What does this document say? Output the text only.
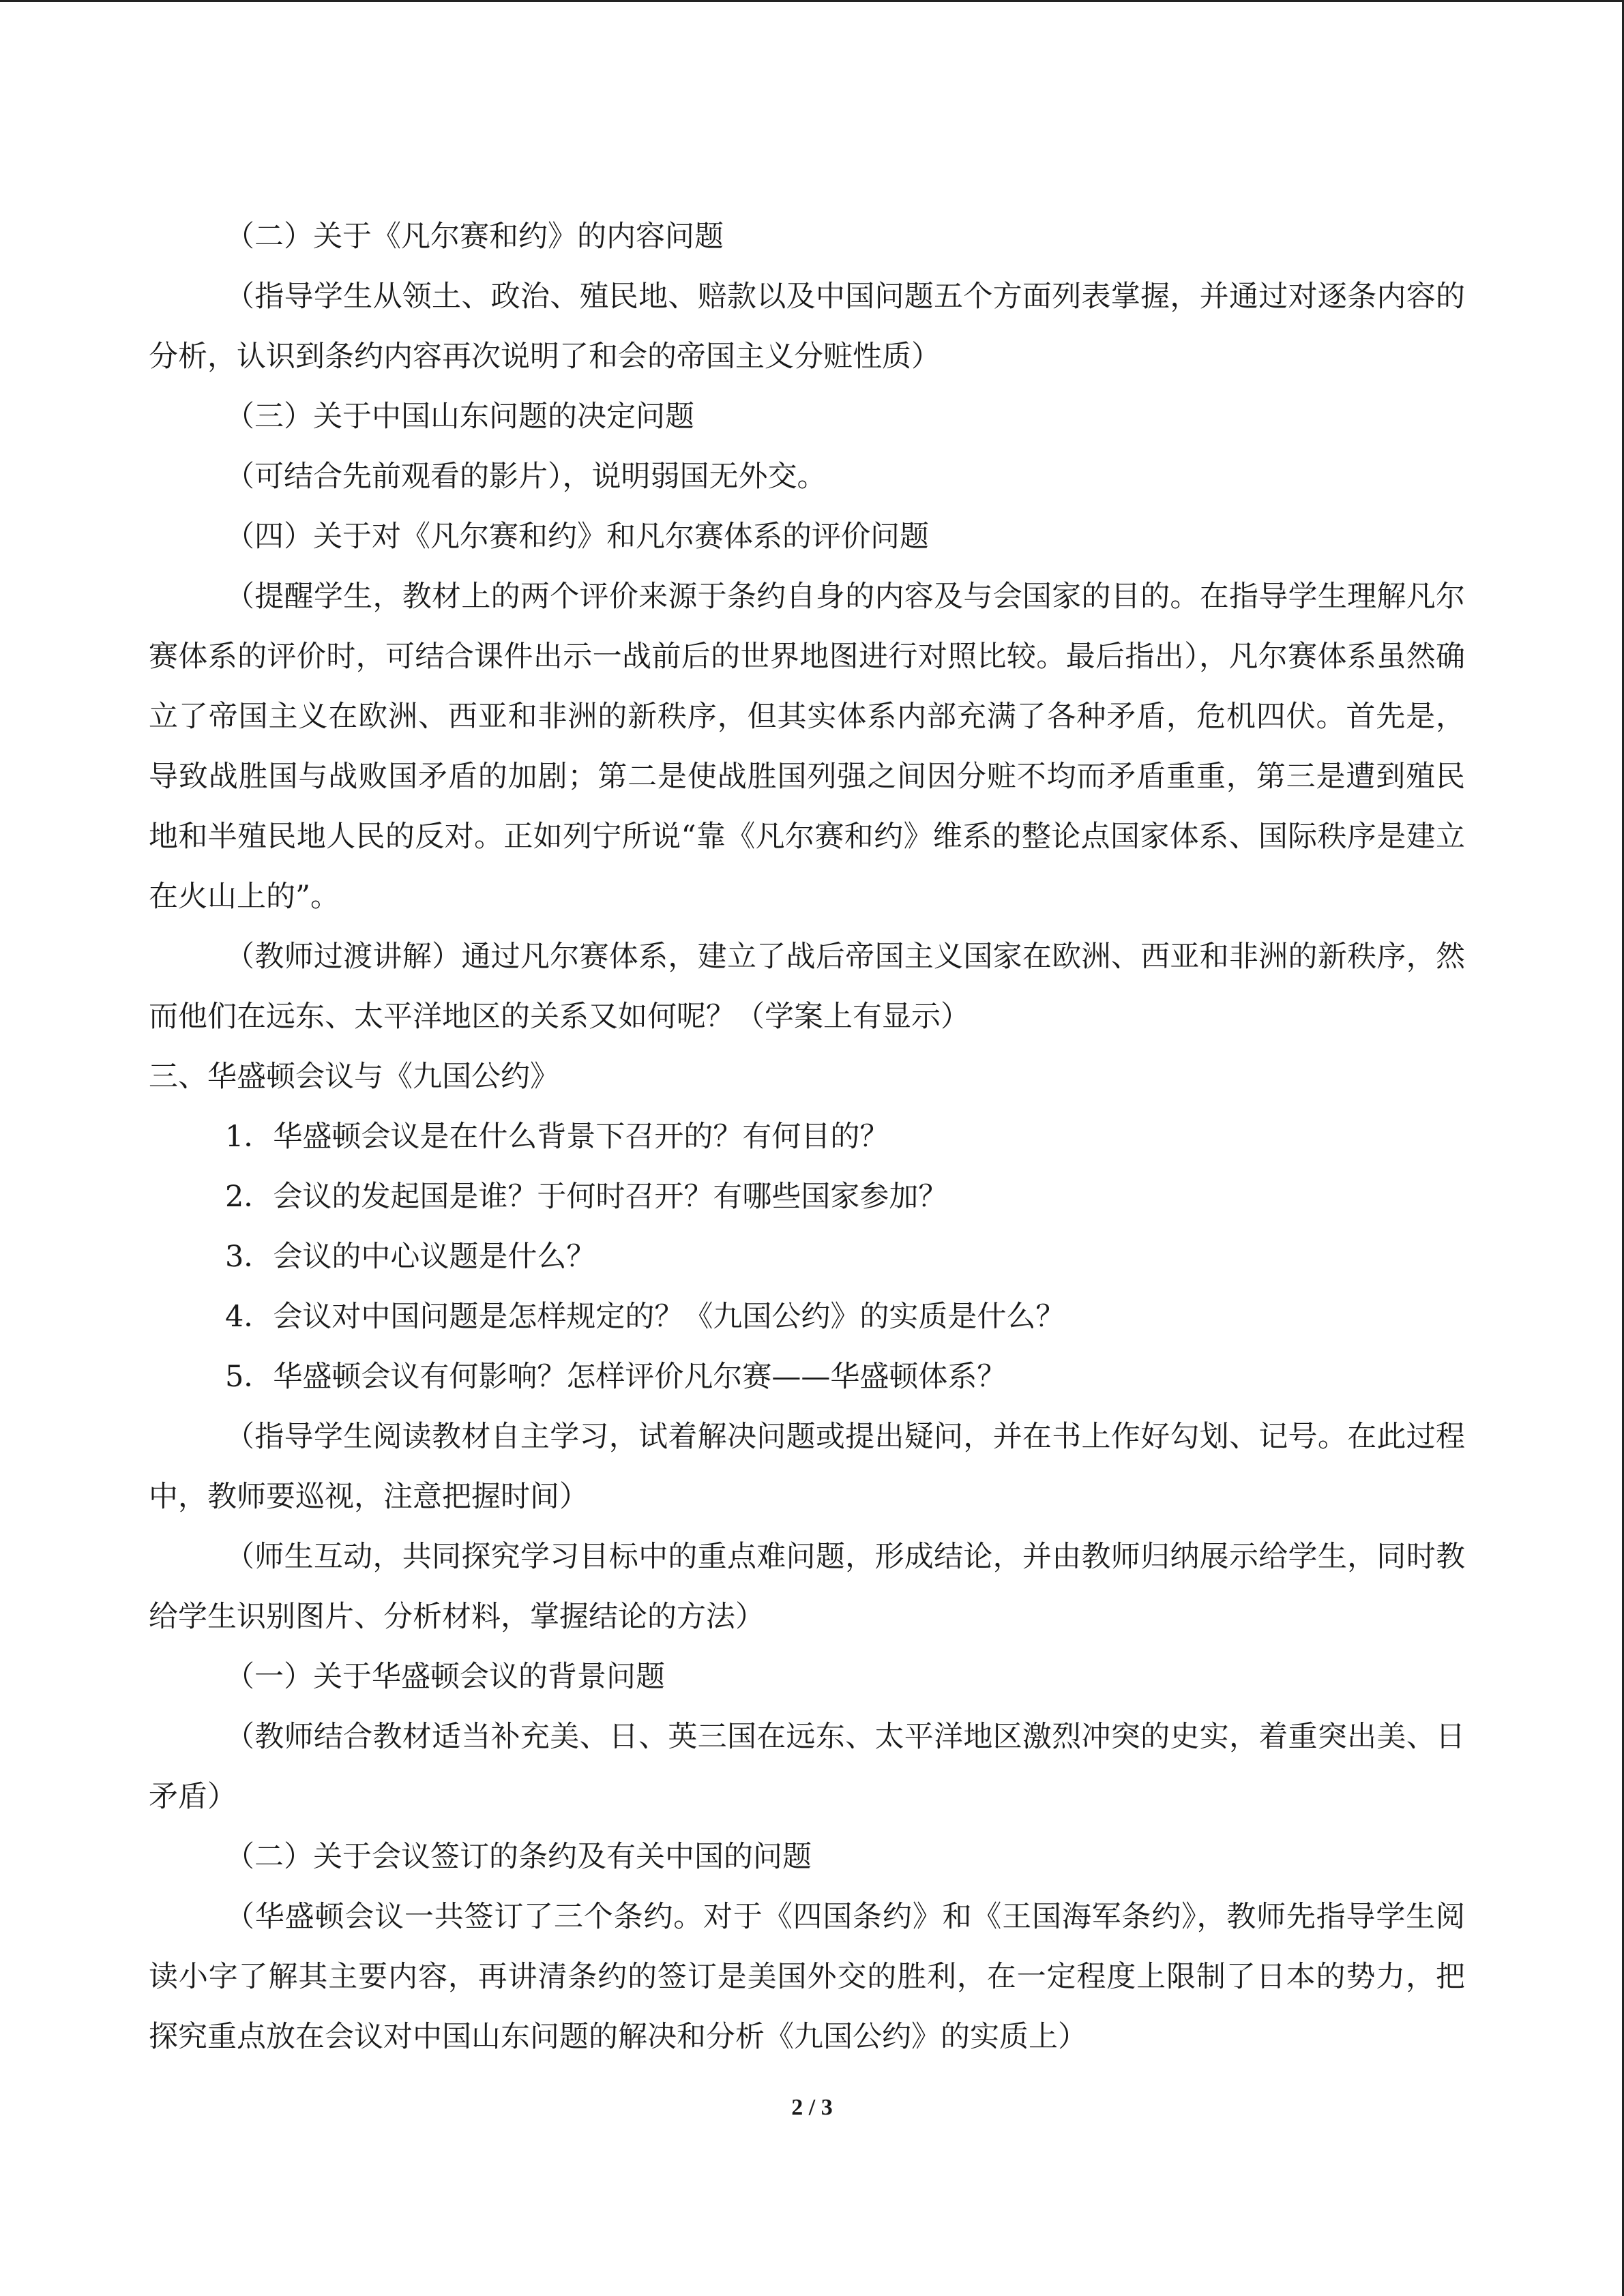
（二）关于《凡尔赛和约》的内容问题

（指导学生从领土、政治、殖民地、赔款以及中国问题五个方面列表掌握，并通过对逐条内容的分析，认识到条约内容再次说明了和会的帝国主义分赃性质）

（三）关于中国山东问题的决定问题

（可结合先前观看的影片），说明弱国无外交。

（四）关于对《凡尔赛和约》和凡尔赛体系的评价问题

（提醒学生，教材上的两个评价来源于条约自身的内容及与会国家的目的。在指导学生理解凡尔赛体系的评价时，可结合课件出示一战前后的世界地图进行对照比较。最后指出），凡尔赛体系虽然确立了帝国主义在欧洲、西亚和非洲的新秩序，但其实体系内部充满了各种矛盾，危机四伏。首先是，导致战胜国与战败国矛盾的加剧；第二是使战胜国列强之间因分赃不均而矛盾重重，第三是遭到殖民地和半殖民地人民的反对。正如列宁所说“靠《凡尔赛和约》维系的整论点国家体系、国际秩序是建立在火山上的”。

（教师过渡讲解）通过凡尔赛体系，建立了战后帝国主义国家在欧洲、西亚和非洲的新秩序，然而他们在远东、太平洋地区的关系又如何呢？（学案上有显示）

三、华盛顿会议与《九国公约》

1．华盛顿会议是在什么背景下召开的？有何目的？

2．会议的发起国是谁？于何时召开？有哪些国家参加？

3．会议的中心议题是什么？

4．会议对中国问题是怎样规定的？《九国公约》的实质是什么？

5．华盛顿会议有何影响？怎样评价凡尔赛——华盛顿体系？

（指导学生阅读教材自主学习，试着解决问题或提出疑问，并在书上作好勾划、记号。在此过程中，教师要巡视，注意把握时间）

（师生互动，共同探究学习目标中的重点难问题，形成结论，并由教师归纳展示给学生，同时教给学生识别图片、分析材料，掌握结论的方法）

（一）关于华盛顿会议的背景问题

（教师结合教材适当补充美、日、英三国在远东、太平洋地区激烈冲突的史实，着重突出美、日矛盾）

（二）关于会议签订的条约及有关中国的问题

（华盛顿会议一共签订了三个条约。对于《四国条约》和《王国海军条约》，教师先指导学生阅读小字了解其主要内容，再讲清条约的签订是美国外交的胜利，在一定程度上限制了日本的势力，把探究重点放在会议对中国山东问题的解决和分析《九国公约》的实质上）

2 / 3
